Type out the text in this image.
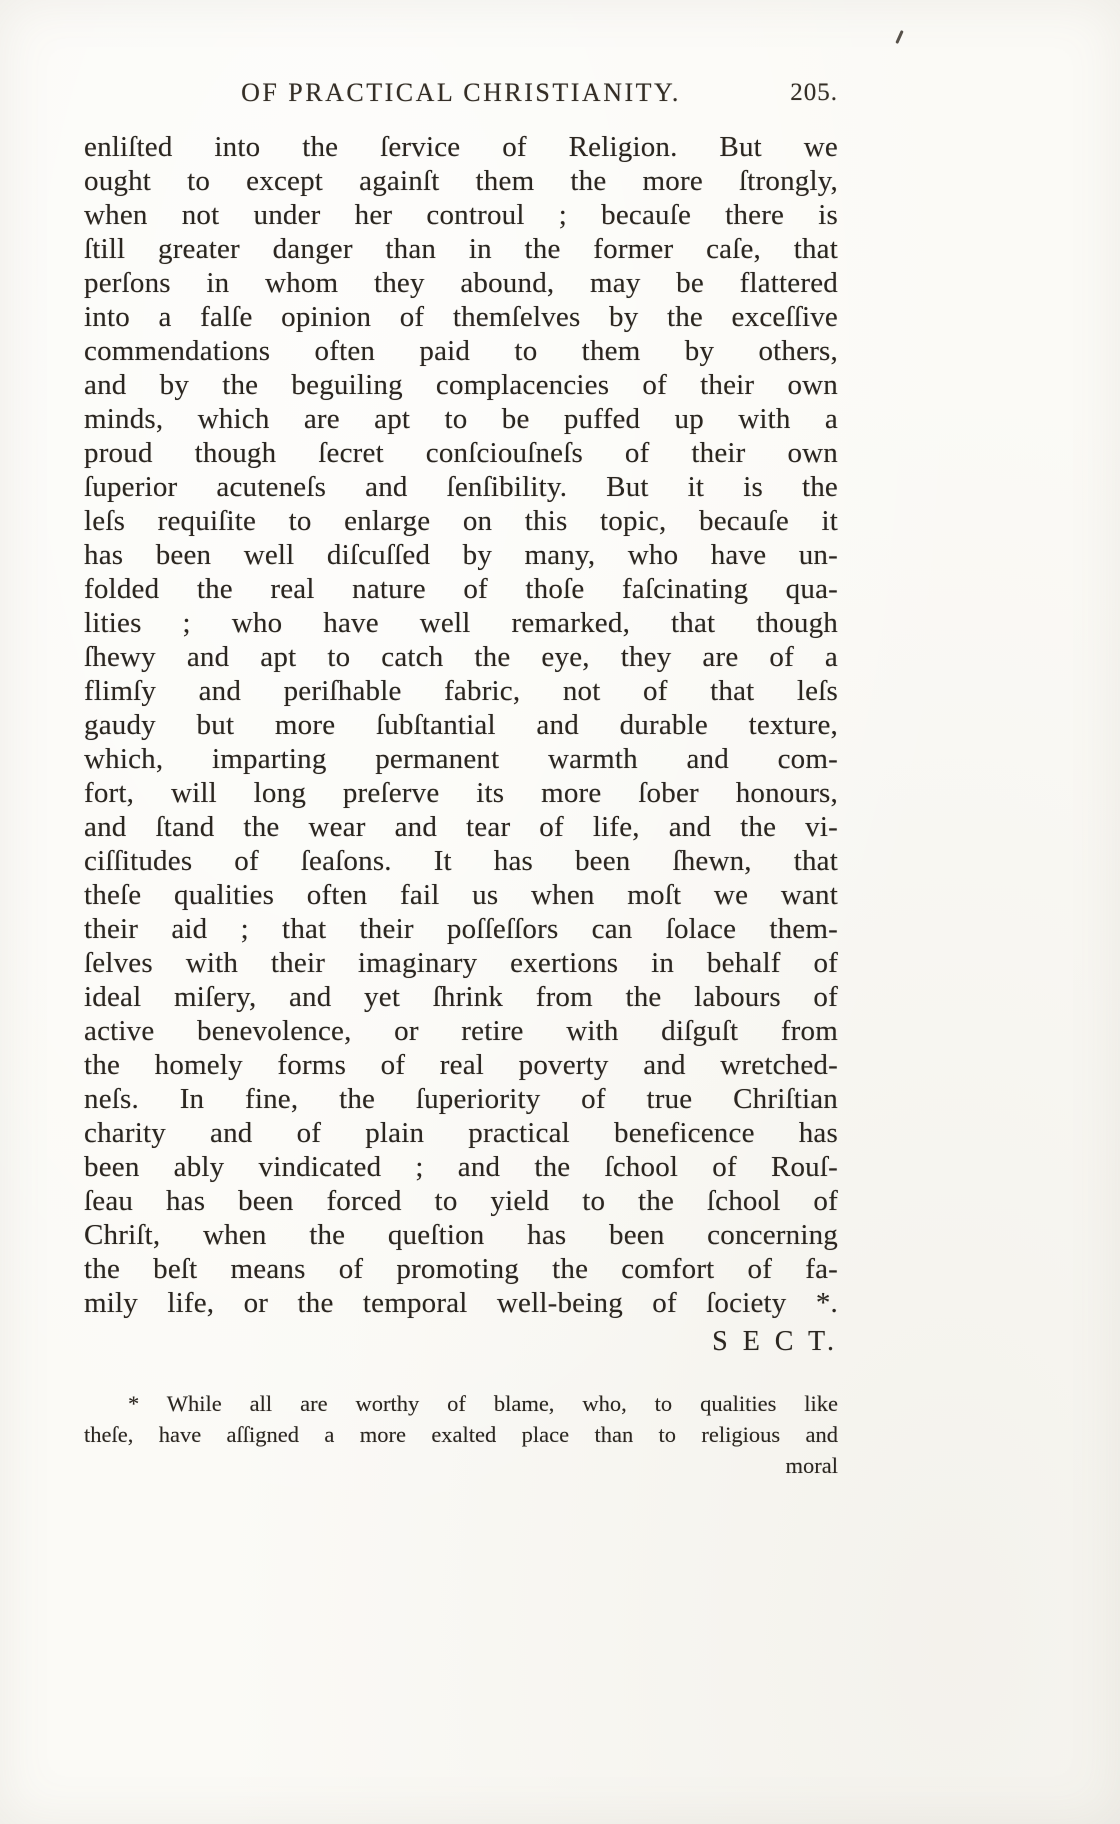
OF PRACTICAL CHRISTIANITY.	205.
enliſted into the ſervice of Religion. But we
ought to except againſt them the more ſtrongly,
when not under her controul ; becauſe there is
ſtill greater danger than in the former caſe, that
perſons in whom they abound, may be flattered
into a falſe opinion of themſelves by the exceſſive
commendations often paid to them by others,
and by the beguiling complacencies of their own
minds, which are apt to be puffed up with a
proud though ſecret conſciouſneſs of their own
ſuperior acuteneſs and ſenſibility. But it is the
leſs requiſite to enlarge on this topic, becauſe it
has been well diſcuſſed by many, who have un-
folded the real nature of thoſe faſcinating qua-
lities ; who have well remarked, that though
ſhewy and apt to catch the eye, they are of a
flimſy and periſhable fabric, not of that leſs
gaudy but more ſubſtantial and durable texture,
which, imparting permanent warmth and com-
fort, will long preſerve its more ſober honours,
and ſtand the wear and tear of life, and the vi-
ciſſitudes of ſeaſons. It has been ſhewn, that
theſe qualities often fail us when moſt we want
their aid ; that their poſſeſſors can ſolace them-
ſelves with their imaginary exertions in behalf of
ideal miſery, and yet ſhrink from the labours of
active benevolence, or retire with diſguſt from
the homely forms of real poverty and wretched-
neſs. In fine, the ſuperiority of true Chriſtian
charity and of plain practical beneficence has
been ably vindicated ; and the ſchool of Rouſ-
ſeau has been forced to yield to the ſchool of
Chriſt, when the queſtion has been concerning
the beſt means of promoting the comfort of fa-
mily life, or the temporal well-being of ſociety *.
S E C T.
* While all are worthy of blame, who, to qualities like
theſe, have aſſigned a more exalted place than to religious and
moral
